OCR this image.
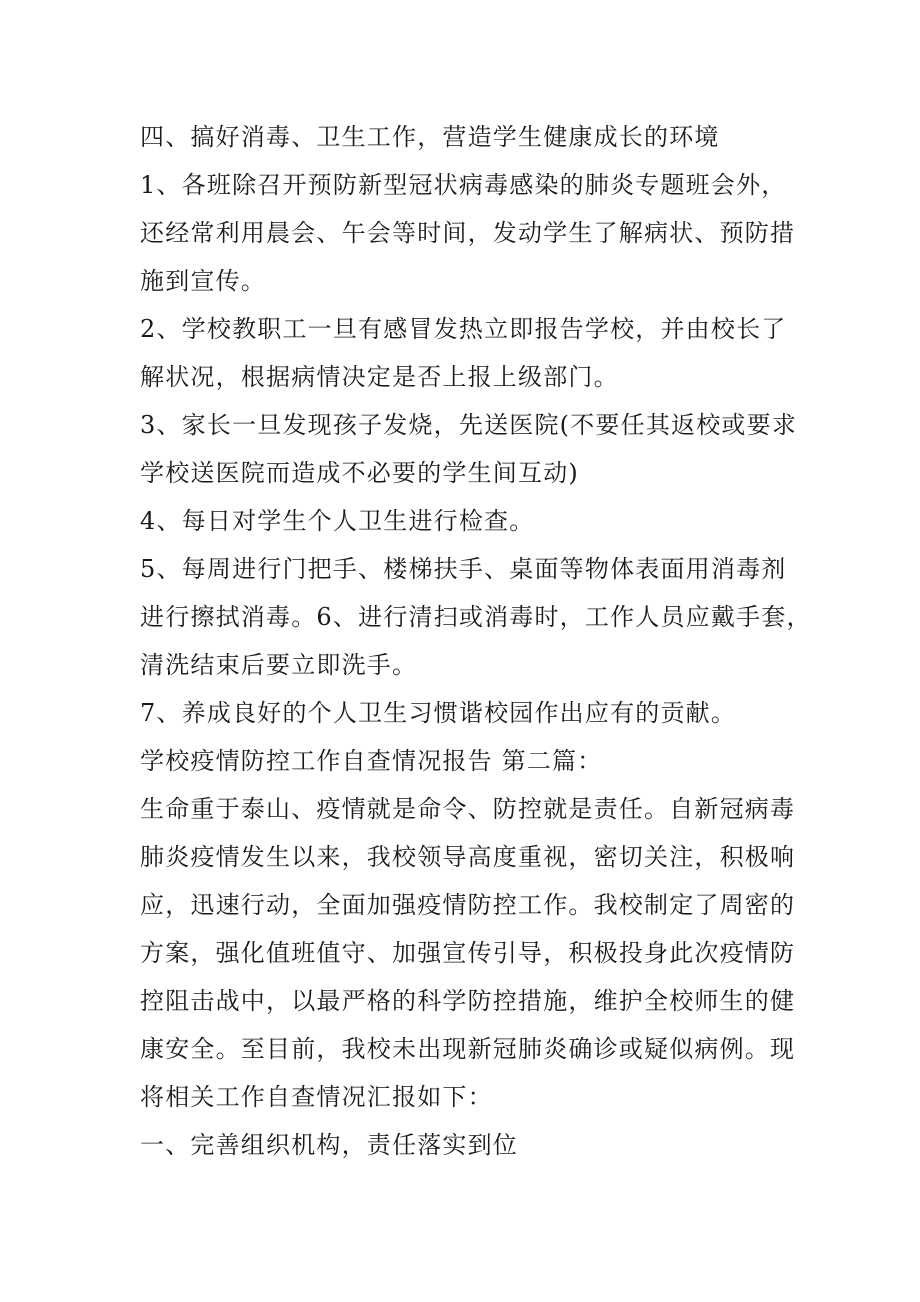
四、搞好消毒、卫生工作，营造学生健康成长的环境
1、各班除召开预防新型冠状病毒感染的肺炎专题班会外，
还经常利用晨会、午会等时间，发动学生了解病状、预防措
施到宣传。
2、学校教职工一旦有感冒发热立即报告学校，并由校长了
解状况，根据病情决定是否上报上级部门。
3、家长一旦发现孩子发烧，先送医院(不要任其返校或要求
学校送医院而造成不必要的学生间互动)
4、每日对学生个人卫生进行检查。
5、每周进行门把手、楼梯扶手、桌面等物体表面用消毒剂
进行擦拭消毒。6、进行清扫或消毒时，工作人员应戴手套，
清洗结束后要立即洗手。
7、养成良好的个人卫生习惯谐校园作出应有的贡献。
学校疫情防控工作自查情况报告 第二篇：
生命重于泰山、疫情就是命令、防控就是责任。自新冠病毒
肺炎疫情发生以来，我校领导高度重视，密切关注，积极响
应，迅速行动，全面加强疫情防控工作。我校制定了周密的
方案，强化值班值守、加强宣传引导，积极投身此次疫情防
控阻击战中，以最严格的科学防控措施，维护全校师生的健
康安全。至目前，我校未出现新冠肺炎确诊或疑似病例。现
将相关工作自查情况汇报如下：
一、完善组织机构，责任落实到位
